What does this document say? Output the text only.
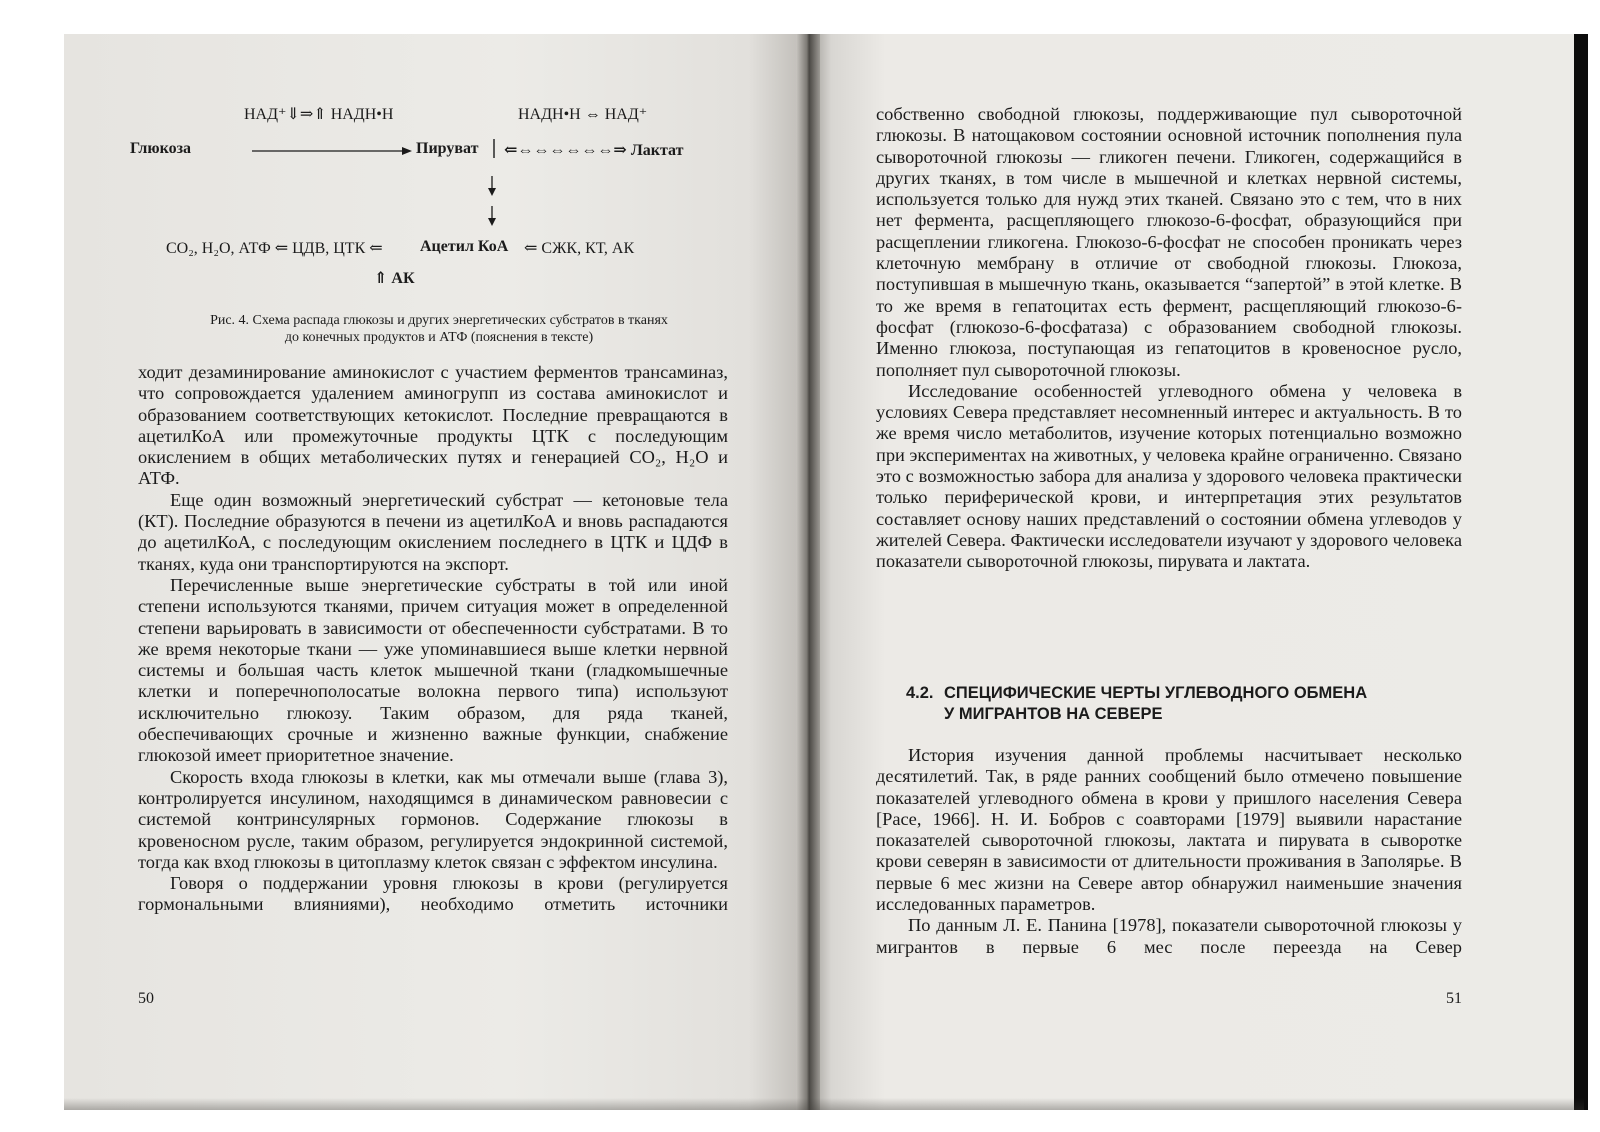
НАД⁺⇓⇒⇑ НАДН•Н	НАДН•Н ⇔ НАД⁺
Глюкоза	Пируват ⇐⇔⇔⇔⇔⇔⇔⇒ Лактат
CO₂, H₂O, АТФ ⇐ ЦДВ, ЦТК ⇐ Ацетил КоА ⇐ СЖК, КТ, АК
⇑ АК
Рис. 4. Схема распада глюкозы и других энергетических субстратов в тканях
до конечных продуктов и АТФ (пояснения в тексте)

ходит дезаминирование аминокислот с участием ферментов трансаминаз, что сопровождается удалением аминогрупп из состава аминокислот и образованием соответствующих кетокислот. Последние превращаются в ацетилКоА или промежуточные продукты ЦТК с последующим окислением в общих метаболических путях и генерацией CO₂, H₂O и АТФ.

Еще один возможный энергетический субстрат — кетоновые тела (КТ). Последние образуются в печени из ацетилКоА и вновь распадаются до ацетилКоА, с последующим окислением последнего в ЦТК и ЦДФ в тканях, куда они транспортируются на экспорт.

Перечисленные выше энергетические субстраты в той или иной степени используются тканями, причем ситуация может в определенной степени варьировать в зависимости от обеспеченности субстратами. В то же время некоторые ткани — уже упоминавшиеся выше клетки нервной системы и большая часть клеток мышечной ткани (гладкомышечные клетки и поперечнополосатые волокна первого типа) используют исключительно глюкозу. Таким образом, для ряда тканей, обеспечивающих срочные и жизненно важные функции, снабжение глюкозой имеет приоритетное значение.

Скорость входа глюкозы в клетки, как мы отмечали выше (глава 3), контролируется инсулином, находящимся в динамическом равновесии с системой контринсулярных гормонов. Содержание глюкозы в кровеносном русле, таким образом, регулируется эндокринной системой, тогда как вход глюкозы в цитоплазму клеток связан с эффектом инсулина.

Говоря о поддержании уровня глюкозы в крови (регулируется гормональными влияниями), необходимо отметить источники

50

собственно свободной глюкозы, поддерживающие пул сывороточной глюкозы. В натощаковом состоянии основной источник пополнения пула сывороточной глюкозы — гликоген печени. Гликоген, содержащийся в других тканях, в том числе в мышечной и клетках нервной системы, используется только для нужд этих тканей. Связано это с тем, что в них нет фермента, расщепляющего глюкозо-6-фосфат, образующийся при расщеплении гликогена. Глюкозо-6-фосфат не способен проникать через клеточную мембрану в отличие от свободной глюкозы. Глюкоза, поступившая в мышечную ткань, оказывается “запертой” в этой клетке. В то же время в гепатоцитах есть фермент, расщепляющий глюкозо-6-фосфат (глюкозо-6-фосфатаза) с образованием свободной глюкозы. Именно глюкоза, поступающая из гепатоцитов в кровеносное русло, пополняет пул сывороточной глюкозы.

Исследование особенностей углеводного обмена у человека в условиях Севера представляет несомненный интерес и актуальность. В то же время число метаболитов, изучение которых потенциально возможно при экспериментах на животных, у человека крайне ограниченно. Связано это с возможностью забора для анализа у здорового человека практически только периферической крови, и интерпретация этих результатов составляет основу наших представлений о состоянии обмена углеводов у жителей Севера. Фактически исследователи изучают у здорового человека показатели сывороточной глюкозы, пирувата и лактата.

4.2. СПЕЦИФИЧЕСКИЕ ЧЕРТЫ УГЛЕВОДНОГО ОБМЕНА
У МИГРАНТОВ НА СЕВЕРЕ

История изучения данной проблемы насчитывает несколько десятилетий. Так, в ряде ранних сообщений было отмечено повышение показателей углеводного обмена в крови у пришлого населения Севера [Pace, 1966]. Н. И. Бобров с соавторами [1979] выявили нарастание показателей сывороточной глюкозы, лактата и пирувата в сыворотке крови северян в зависимости от длительности проживания в Заполярье. В первые 6 мес жизни на Севере автор обнаружил наименьшие значения исследованных параметров.

По данным Л. Е. Панина [1978], показатели сывороточной глюкозы у мигрантов в первые 6 мес после переезда на Север

51
